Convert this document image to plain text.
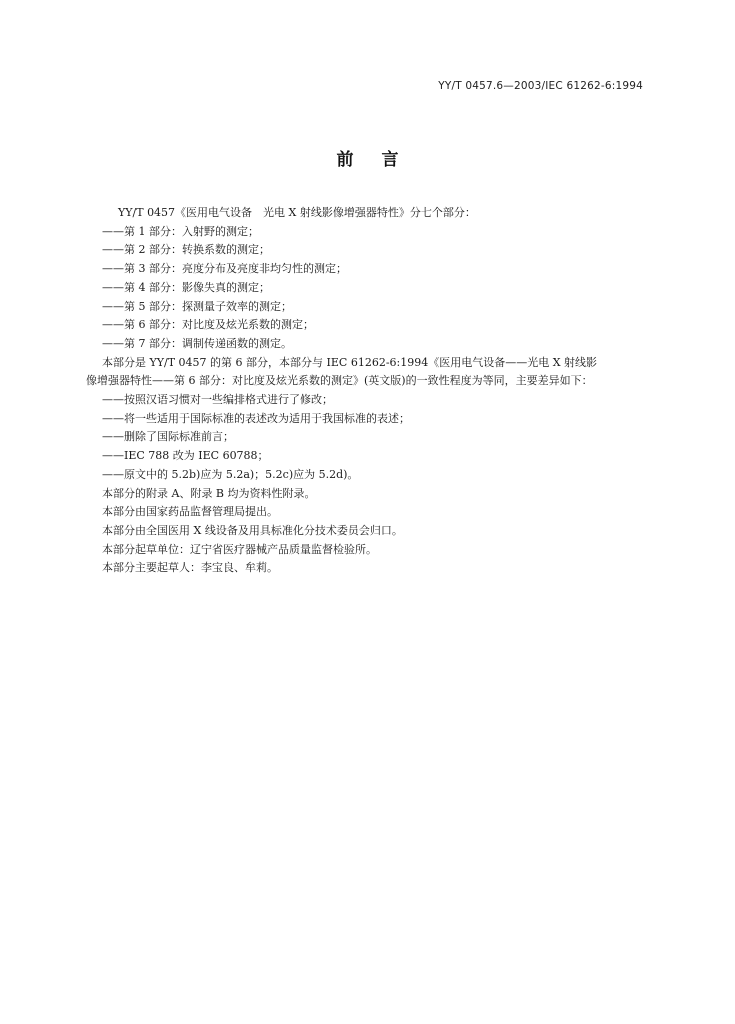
YY/T 0457.6—2003/IEC 61262-6:1994
前言
YY/T 0457《医用电气设备　光电 X 射线影像增强器特性》分七个部分：
——第 1 部分：入射野的测定；
——第 2 部分：转换系数的测定；
——第 3 部分：亮度分布及亮度非均匀性的测定；
——第 4 部分：影像失真的测定；
——第 5 部分：探测量子效率的测定；
——第 6 部分：对比度及炫光系数的测定；
——第 7 部分：调制传递函数的测定。
本部分是 YY/T 0457 的第 6 部分，本部分与 IEC 61262-6:1994《医用电气设备——光电 X 射线影
像增强器特性——第 6 部分：对比度及炫光系数的测定》(英文版)的一致性程度为等同，主要差异如下：
——按照汉语习惯对一些编排格式进行了修改；
——将一些适用于国际标准的表述改为适用于我国标准的表述；
——删除了国际标准前言；
——IEC 788 改为 IEC 60788；
——原文中的 5.2b)应为 5.2a)；5.2c)应为 5.2d)。
本部分的附录 A、附录 B 均为资料性附录。
本部分由国家药品监督管理局提出。
本部分由全国医用 X 线设备及用具标准化分技术委员会归口。
本部分起草单位：辽宁省医疗器械产品质量监督检验所。
本部分主要起草人：李宝良、牟莉。
